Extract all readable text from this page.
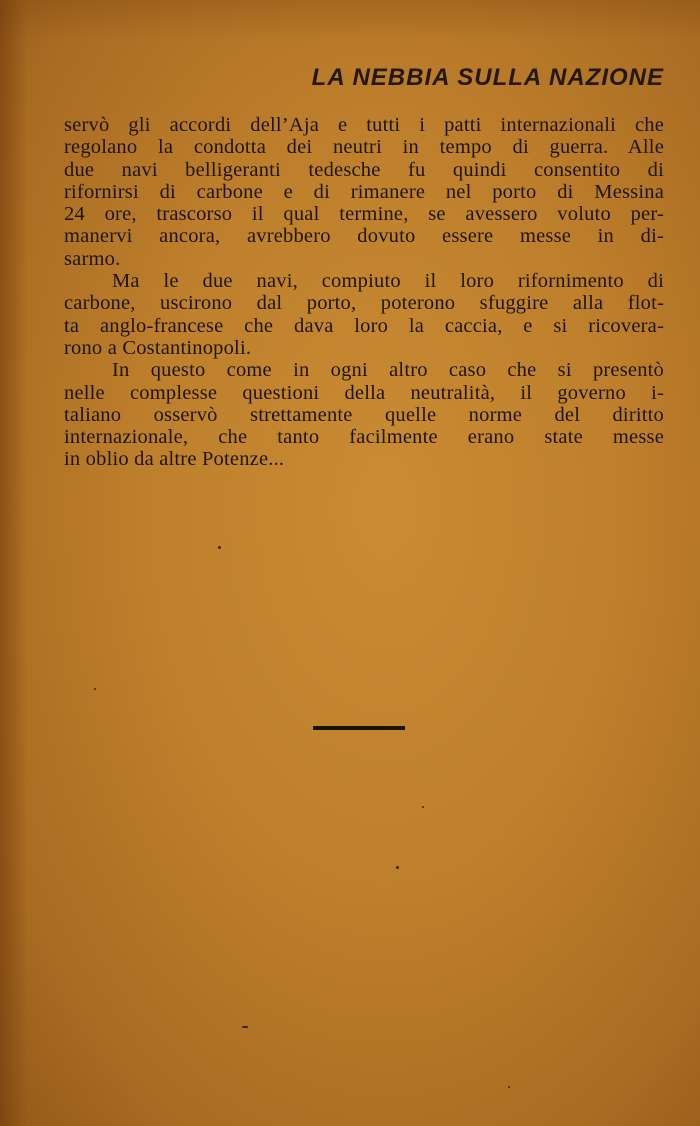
LA NEBBIA SULLA NAZIONE
servò gli accordi dell’Aja e tutti i patti internazionali che
regolano la condotta dei neutri in tempo di guerra. Alle
due navi belligeranti tedesche fu quindi consentito di
rifornirsi di carbone e di rimanere nel porto di Messina
24 ore, trascorso il qual termine, se avessero voluto per-
manervi ancora, avrebbero dovuto essere messe in di-
sarmo.
Ma le due navi, compiuto il loro rifornimento di
carbone, uscirono dal porto, poterono sfuggire alla flot-
ta anglo-francese che dava loro la caccia, e si ricovera-
rono a Costantinopoli.
In questo come in ogni altro caso che si presentò
nelle complesse questioni della neutralità, il governo i-
taliano osservò strettamente quelle norme del diritto
internazionale, che tanto facilmente erano state messe
in oblio da altre Potenze...
